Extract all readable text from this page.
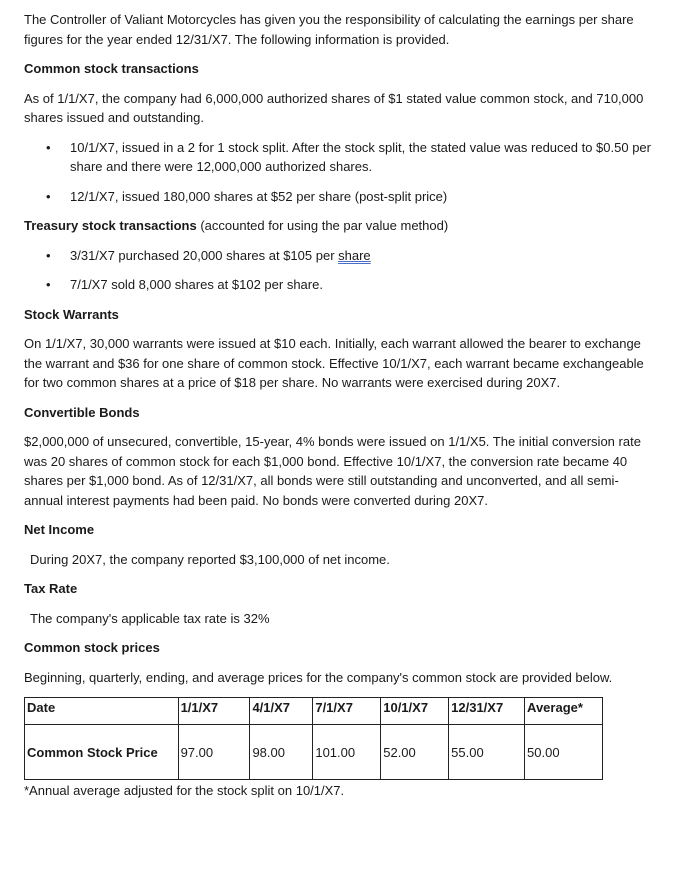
The Controller of Valiant Motorcycles has given you the responsibility of calculating the earnings per share figures for the year ended 12/31/X7. The following information is provided.

Common stock transactions

As of 1/1/X7, the company had 6,000,000 authorized shares of $1 stated value common stock, and 710,000 shares issued and outstanding.

• 10/1/X7, issued in a 2 for 1 stock split. After the stock split, the stated value was reduced to $0.50 per share and there were 12,000,000 authorized shares.
• 12/1/X7, issued 180,000 shares at $52 per share (post-split price)

Treasury stock transactions (accounted for using the par value method)

• 3/31/X7 purchased 20,000 shares at $105 per share
• 7/1/X7 sold 8,000 shares at $102 per share.

Stock Warrants

On 1/1/X7, 30,000 warrants were issued at $10 each. Initially, each warrant allowed the bearer to exchange the warrant and $36 for one share of common stock. Effective 10/1/X7, each warrant became exchangeable for two common shares at a price of $18 per share. No warrants were exercised during 20X7.

Convertible Bonds

$2,000,000 of unsecured, convertible, 15-year, 4% bonds were issued on 1/1/X5. The initial conversion rate was 20 shares of common stock for each $1,000 bond. Effective 10/1/X7, the conversion rate became 40 shares per $1,000 bond. As of 12/31/X7, all bonds were still outstanding and unconverted, and all semi-annual interest payments had been paid. No bonds were converted during 20X7.

Net Income

During 20X7, the company reported $3,100,000 of net income.

Tax Rate

The company's applicable tax rate is 32%

Common stock prices

Beginning, quarterly, ending, and average prices for the company's common stock are provided below.

Date	1/1/X7	4/1/X7	7/1/X7	10/1/X7	12/31/X7	Average*
Common Stock Price	97.00	98.00	101.00	52.00	55.00	50.00

*Annual average adjusted for the stock split on 10/1/X7.
